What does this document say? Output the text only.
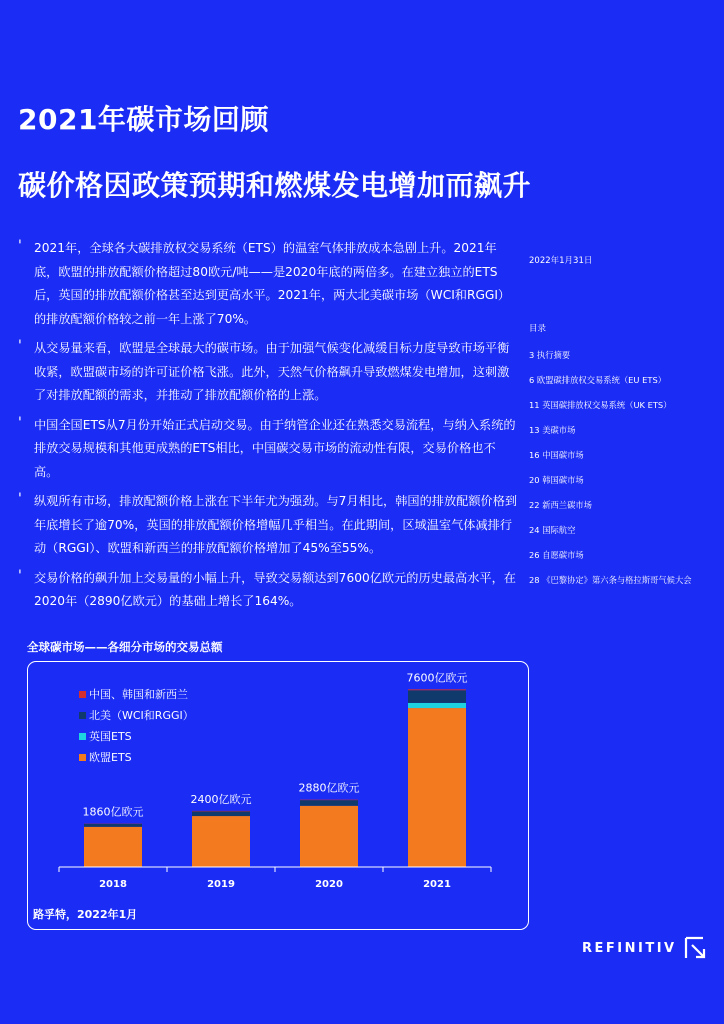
2021年碳市场回顾
碳价格因政策预期和燃煤发电增加而飙升
' 2021年，全球各大碳排放权交易系统（ETS）的温室气体排放成本急剧上升。2021年底，欧盟的排放配额价格超过80欧元/吨——是2020年底的两倍多。在建立独立的ETS后，英国的排放配额价格甚至达到更高水平。2021年，两大北美碳市场（WCI和RGGI）的排放配额价格较之前一年上涨了70%。
' 从交易量来看，欧盟是全球最大的碳市场。由于加强气候变化减缓目标力度导致市场平衡收紧，欧盟碳市场的许可证价格飞涨。此外，天然气价格飙升导致燃煤发电增加，这刺激了对排放配额的需求，并推动了排放配额价格的上涨。
' 中国全国ETS从7月份开始正式启动交易。由于纳管企业还在熟悉交易流程，与纳入系统的排放交易规模和其他更成熟的ETS相比，中国碳交易市场的流动性有限，交易价格也不高。
' 纵观所有市场，排放配额价格上涨在下半年尤为强劲。与7月相比，韩国的排放配额价格到年底增长了逾70%，英国的排放配额价格增幅几乎相当。在此期间，区域温室气体减排行动（RGGI）、欧盟和新西兰的排放配额价格增加了45%至55%。
' 交易价格的飙升加上交易量的小幅上升，导致交易额达到7600亿欧元的历史最高水平，在2020年（2890亿欧元）的基础上增长了164%。

2022年1月31日

目录

3 执行摘要
6 欧盟碳排放权交易系统（EU ETS）
11 英国碳排放权交易系统（UK ETS）
13 美碳市场
16 中国碳市场
20 韩国碳市场
22 新西兰碳市场
24 国际航空
26 自愿碳市场
28 《巴黎协定》第六条与格拉斯哥气候大会
全球碳市场——各细分市场的交易总额
1860亿欧元
2018
2400亿欧元
2019
2880亿欧元
2020
7600亿欧元
2021
中国、韩国和新西兰
北美（WCI和RGGI）
英国ETS
欧盟ETS
路孚特，2022年1月
REFINITIV
